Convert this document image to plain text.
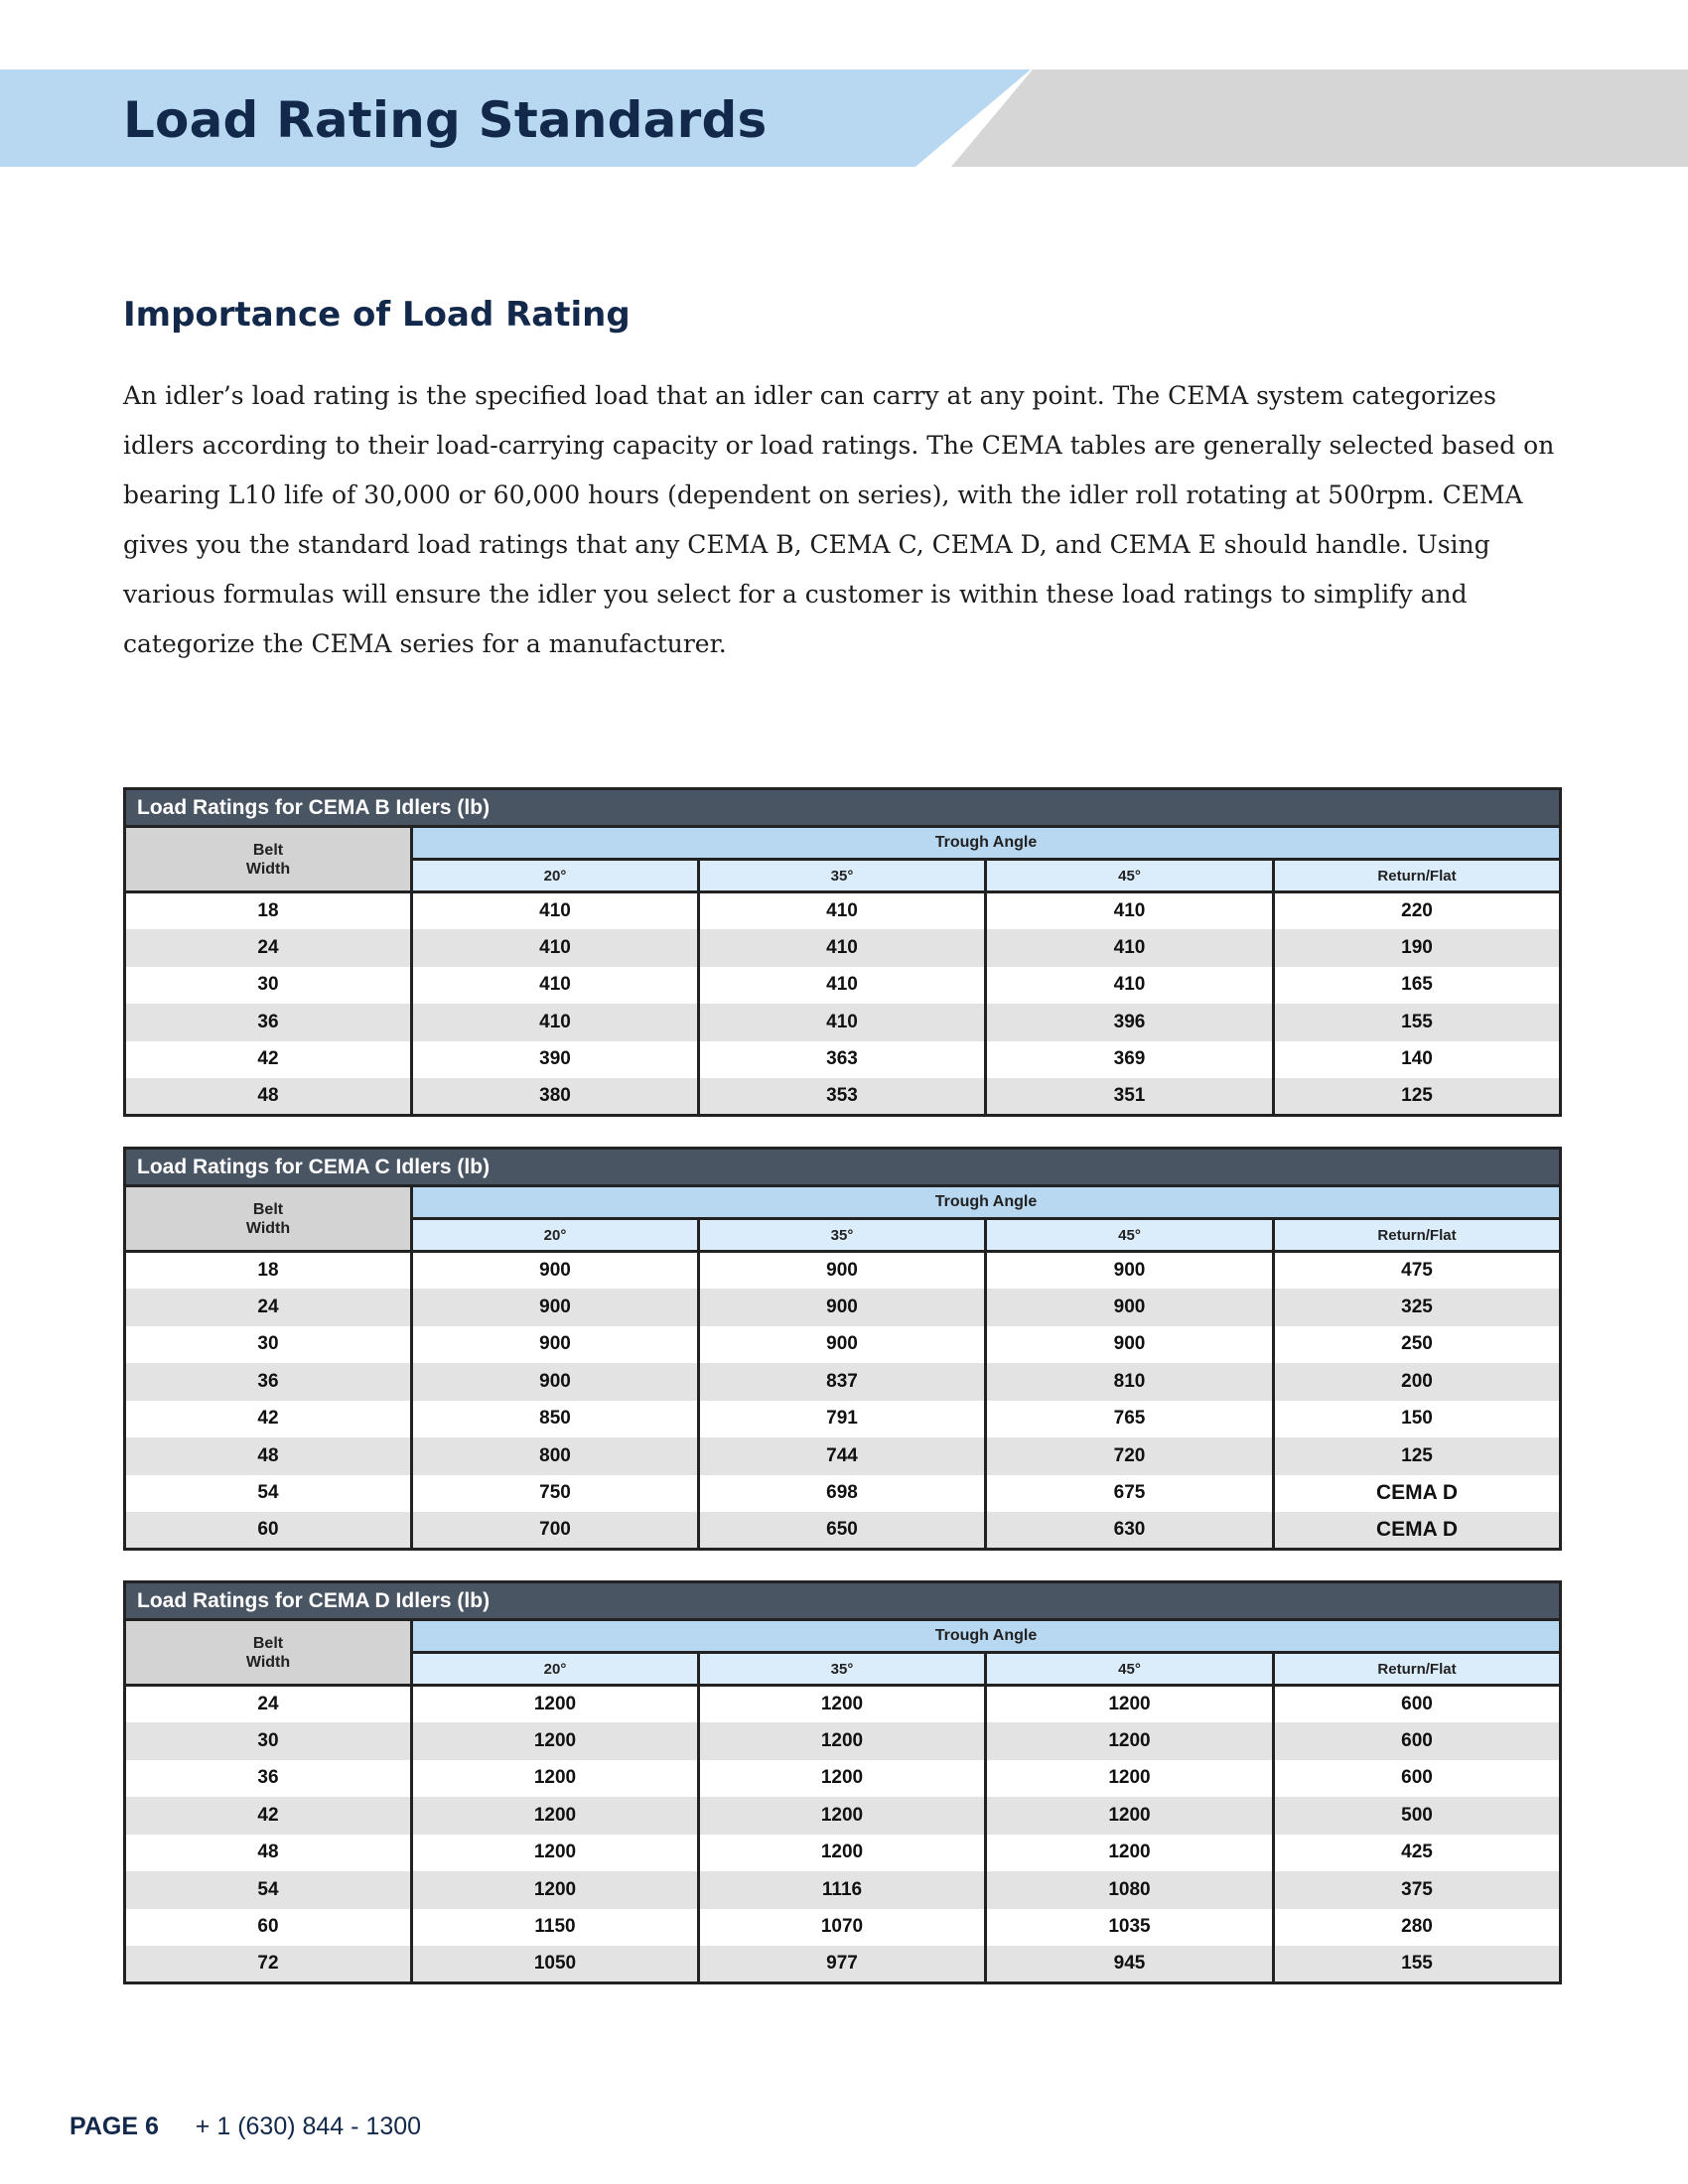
Load Rating Standards
Importance of Load Rating

An idler’s load rating is the specified load that an idler can carry at any point. The CEMA system categorizes idlers according to their load-carrying capacity or load ratings. The CEMA tables are generally selected based on bearing L10 life of 30,000 or 60,000 hours (dependent on series), with the idler roll rotating at 500rpm. CEMA gives you the standard load ratings that any CEMA B, CEMA C, CEMA D, and CEMA E should handle. Using various formulas will ensure the idler you select for a customer is within these load ratings to simplify and categorize the CEMA series for a manufacturer.

Load Ratings for CEMA B Idlers (lb)				
Belt
Width	Trough Angle			
	20°	35°	45°	Return/Flat
18	410	410	410	220
24	410	410	410	190
30	410	410	410	165
36	410	410	396	155
42	390	363	369	140
48	380	353	351	125
Load Ratings for CEMA C Idlers (lb)				
Belt
Width	Trough Angle			
	20°	35°	45°	Return/Flat
18	900	900	900	475
24	900	900	900	325
30	900	900	900	250
36	900	837	810	200
42	850	791	765	150
48	800	744	720	125
54	750	698	675	CEMA D
60	700	650	630	CEMA D
Load Ratings for CEMA D Idlers (lb)				
Belt
Width	Trough Angle			
	20°	35°	45°	Return/Flat
24	1200	1200	1200	600
30	1200	1200	1200	600
36	1200	1200	1200	600
42	1200	1200	1200	500
48	1200	1200	1200	425
54	1200	1116	1080	375
60	1150	1070	1035	280
72	1050	977	945	155

PAGE 6 + 1 (630) 844 - 1300
